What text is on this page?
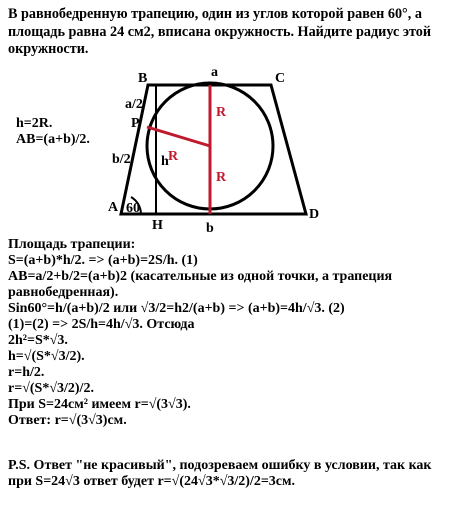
В равнобедренную трапецию, один из углов которой равен 60°, а площадь равна 24 см2, вписана окружность. Найдите радиус этой окружности.

B	a	C
a/2
P
R
R
R
h
b/2
A 60
H
D
b
h=2R.
AB=(a+b)/2.
Площадь трапеции:
S=(a+b)*h/2. => (a+b)=2S/h. (1)
AB=a/2+b/2=(a+b)2 (касательные из одной точки, а трапеция равнобедренная).
Sin60°=h/(a+b)/2 или √3/2=h2/(a+b) => (a+b)=4h/√3. (2)
(1)=(2) => 2S/h=4h/√3. Отсюда
2h²=S*√3.
h=√(S*√3/2).
r=h/2.
r=√(S*√3/2)/2.
При S=24см² имеем r=√(3√3).
Ответ: r=√(3√3)см.

P.S. Ответ "не красивый", подозреваем ошибку в условии, так как при S=24√3 ответ будет r=√(24√3*√3/2)/2=3см.
